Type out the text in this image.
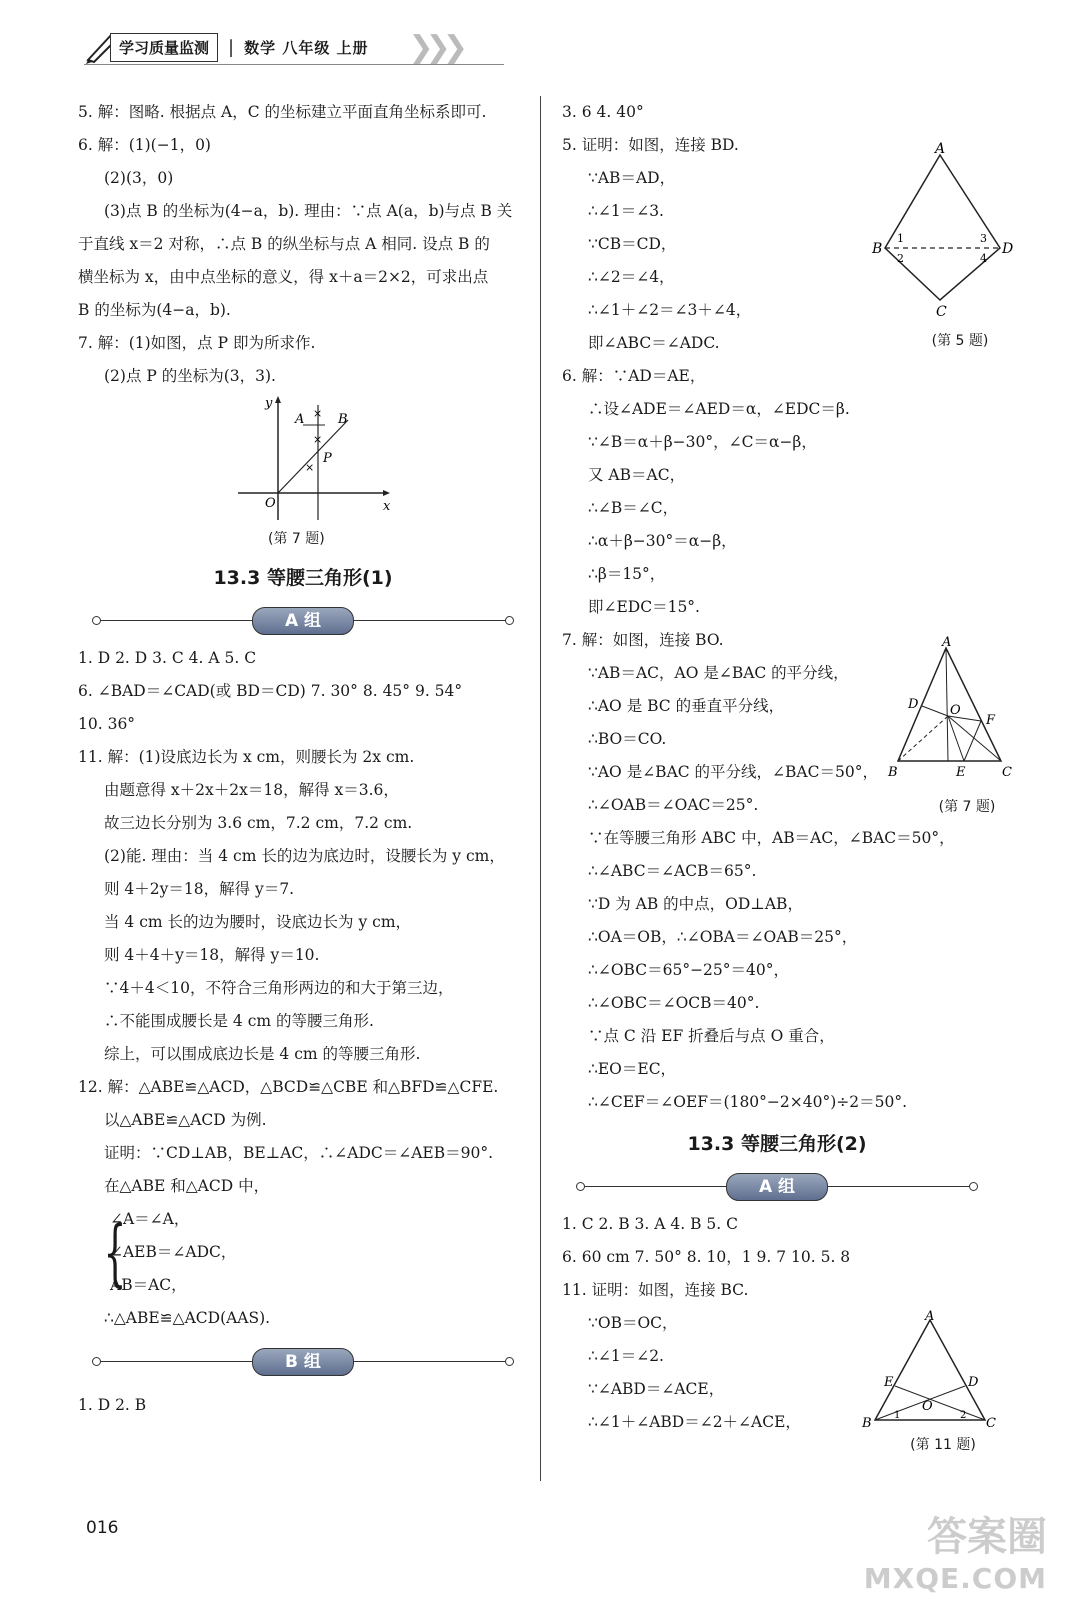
学习质量监测	| 数学 八年级 上册 ❯❯❯
5. 解：图略. 根据点 A，C 的坐标建立平面直角坐标系即可.
6. 解：(1)(−1，0)
(2)(3，0)
(3)点 B 的坐标为(4−a，b). 理由：∵点 A(a，b)与点 B 关
于直线 x＝2 对称，∴点 B 的纵坐标与点 A 相同. 设点 B 的
横坐标为 x，由中点坐标的意义，得 x＋a＝2×2，可求出点
B 的坐标为(4−a，b).
7. 解：(1)如图，点 P 即为所求作.
(2)点 P 的坐标为(3，3).
y
x
O
A	B
P
×
×
×
(第 7 题)
13.3 等腰三角形(1)
A 组
1. D 2. D 3. C 4. A 5. C
6. ∠BAD＝∠CAD(或 BD＝CD) 7. 30° 8. 45° 9. 54°
10. 36°
11. 解：(1)设底边长为 x cm，则腰长为 2x cm.
由题意得 x＋2x＋2x＝18，解得 x＝3.6，
故三边长分别为 3.6 cm，7.2 cm，7.2 cm.
(2)能. 理由：当 4 cm 长的边为底边时，设腰长为 y cm，
则 4＋2y＝18，解得 y＝7.
当 4 cm 长的边为腰时，设底边长为 y cm，
则 4＋4＋y＝18，解得 y＝10.
∵4＋4＜10，不符合三角形两边的和大于第三边，
∴不能围成腰长是 4 cm 的等腰三角形.
综上，可以围成底边长是 4 cm 的等腰三角形.
12. 解：△ABE≌△ACD，△BCD≌△CBE 和△BFD≌△CFE.
以△ABE≌△ACD 为例.
证明：∵CD⊥AB，BE⊥AC，∴∠ADC＝∠AEB＝90°.
在△ABE 和△ACD 中，
{
∠A＝∠A，
∠AEB＝∠ADC，
AB＝AC，
∴△ABE≌△ACD(AAS).
B 组
1. D 2. B
3. 6 4. 40°
5. 证明：如图，连接 BD.
∵AB＝AD，
∴∠1＝∠3.
∵CB＝CD，
∴∠2＝∠4，
∴∠1＋∠2＝∠3＋∠4，
即∠ABC＝∠ADC.
6. 解：∵AD＝AE，
∴设∠ADE＝∠AED＝α，∠EDC＝β.
∵∠B＝α＋β−30°，∠C＝α−β，
又 AB＝AC，
∴∠B＝∠C，
∴α＋β−30°＝α−β，
∴β＝15°，
即∠EDC＝15°.
7. 解：如图，连接 BO.
∵AB＝AC，AO 是∠BAC 的平分线，
∴AO 是 BC 的垂直平分线，
∴BO＝CO.
∵AO 是∠BAC 的平分线，∠BAC＝50°，
∴∠OAB＝∠OAC＝25°.
∵在等腰三角形 ABC 中，AB＝AC，∠BAC＝50°，
∴∠ABC＝∠ACB＝65°.
∵D 为 AB 的中点，OD⊥AB，
∴OA＝OB，∴∠OBA＝∠OAB＝25°，
∴∠OBC＝65°−25°＝40°，
∴∠OBC＝∠OCB＝40°.
∵点 C 沿 EF 折叠后与点 O 重合，
∴EO＝EC，
∴∠CEF＝∠OEF＝(180°−2×40°)÷2＝50°.
13.3 等腰三角形(2)
A 组
1. C 2. B 3. A 4. B 5. C
6. 60 cm 7. 50° 8. 10，1 9. 7 10. 5. 8
11. 证明：如图，连接 BC.
∵OB＝OC，
∴∠1＝∠2.
∵∠ABD＝∠ACE，
∴∠1＋∠ABD＝∠2＋∠ACE，
A
B	D
C
1
2
3
4
(第 5 题)
A
B	C
D O
F
E
(第 7 题)
A
B	C
E	D
O
1	2
(第 11 题)
016	答案圈
MXQE.COM
